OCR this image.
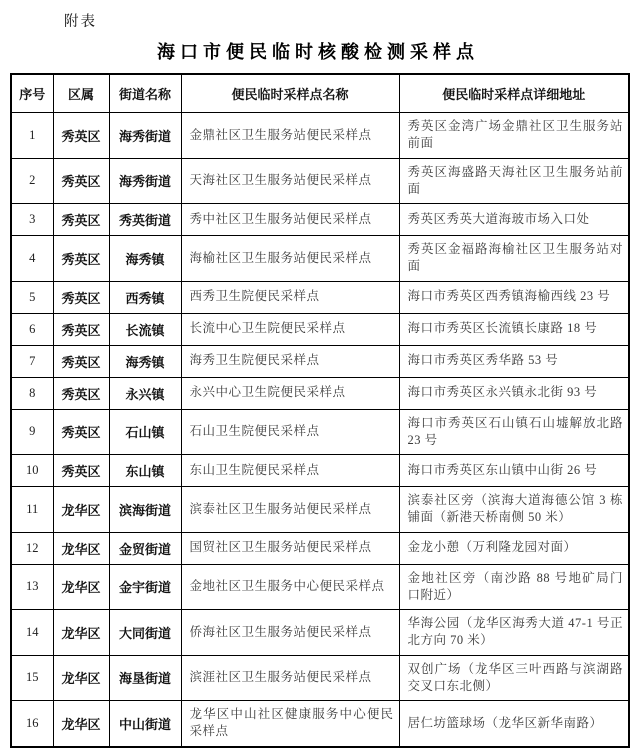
附表
海口市便民临时核酸检测采样点
序号	区属	街道名称	便民临时采样点名称	便民临时采样点详细地址
1	秀英区	海秀街道	金鼎社区卫生服务站便民采样点	秀英区金湾广场金鼎社区卫生服务站前面
2	秀英区	海秀街道	天海社区卫生服务站便民采样点	秀英区海盛路天海社区卫生服务站前面
3	秀英区	秀英街道	秀中社区卫生服务站便民采样点	秀英区秀英大道海玻市场入口处
4	秀英区	海秀镇	海榆社区卫生服务站便民采样点	秀英区金福路海榆社区卫生服务站对面
5	秀英区	西秀镇	西秀卫生院便民采样点	海口市秀英区西秀镇海榆西线 23 号
6	秀英区	长流镇	长流中心卫生院便民采样点	海口市秀英区长流镇长康路 18 号
7	秀英区	海秀镇	海秀卫生院便民采样点	海口市秀英区秀华路 53 号
8	秀英区	永兴镇	永兴中心卫生院便民采样点	海口市秀英区永兴镇永北街 93 号
9	秀英区	石山镇	石山卫生院便民采样点	海口市秀英区石山镇石山墟解放北路 23 号
10	秀英区	东山镇	东山卫生院便民采样点	海口市秀英区东山镇中山街 26 号
11	龙华区	滨海街道	滨泰社区卫生服务站便民采样点	滨泰社区旁（滨海大道海德公馆 3 栋铺面（新港天桥南侧 50 米）
12	龙华区	金贸街道	国贸社区卫生服务站便民采样点	金龙小憩（万利隆龙园对面）
13	龙华区	金宇街道	金地社区卫生服务中心便民采样点	金地社区旁（南沙路 88 号地矿局门口附近）
14	龙华区	大同街道	侨海社区卫生服务站便民采样点	华海公园（龙华区海秀大道 47-1 号正北方向 70 米）
15	龙华区	海垦街道	滨涯社区卫生服务站便民采样点	双创广场（龙华区三叶西路与滨湖路交叉口东北侧）
16	龙华区	中山街道	龙华区中山社区健康服务中心便民采样点	居仁坊篮球场（龙华区新华南路）
